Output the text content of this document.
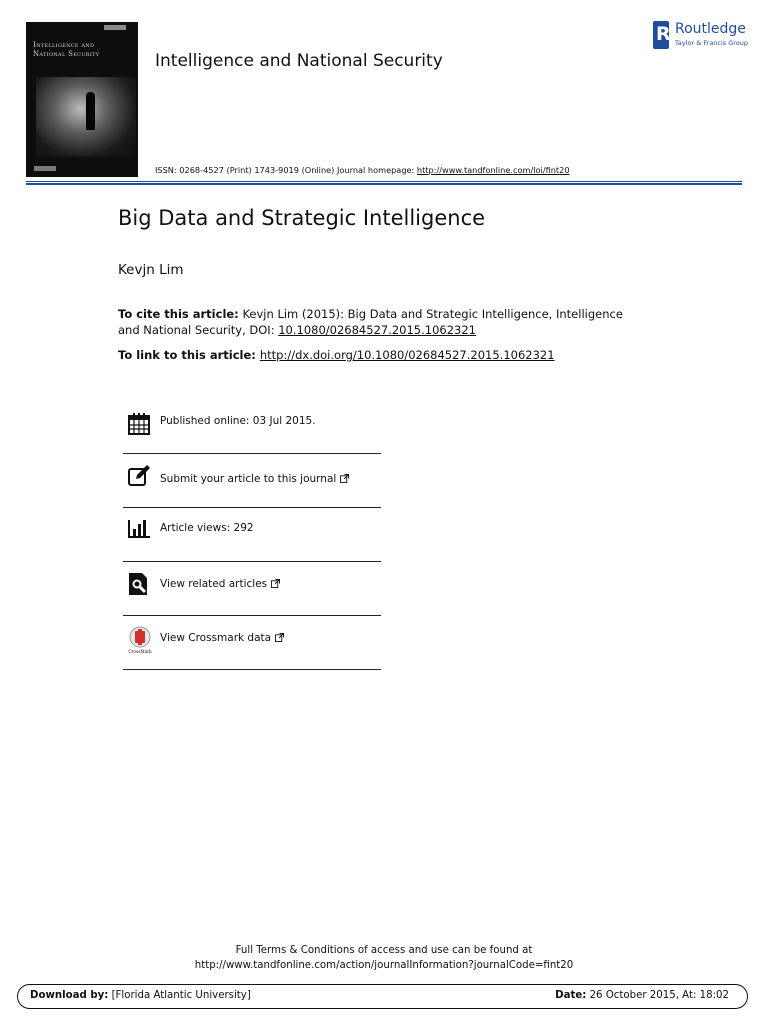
Intelligence and
National Security	Intelligence and National Security
ISSN: 0268-4527 (Print) 1743-9019 (Online) Journal homepage: http://www.tandfonline.com/loi/fint20
R Routledge
Taylor & Francis Group
Big Data and Strategic Intelligence
Kevjn Lim
To cite this article: Kevjn Lim (2015): Big Data and Strategic Intelligence, Intelligence and National Security, DOI: 10.1080/02684527.2015.1062321
To link to this article: http://dx.doi.org/10.1080/02684527.2015.1062321
Published online: 03 Jul 2015.
Submit your article to this journal
Article views: 292
View related articles
CrossMark
View Crossmark data
Full Terms & Conditions of access and use can be found at
http://www.tandfonline.com/action/journalInformation?journalCode=fint20
Download by: [Florida Atlantic University]	Date: 26 October 2015, At: 18:02
